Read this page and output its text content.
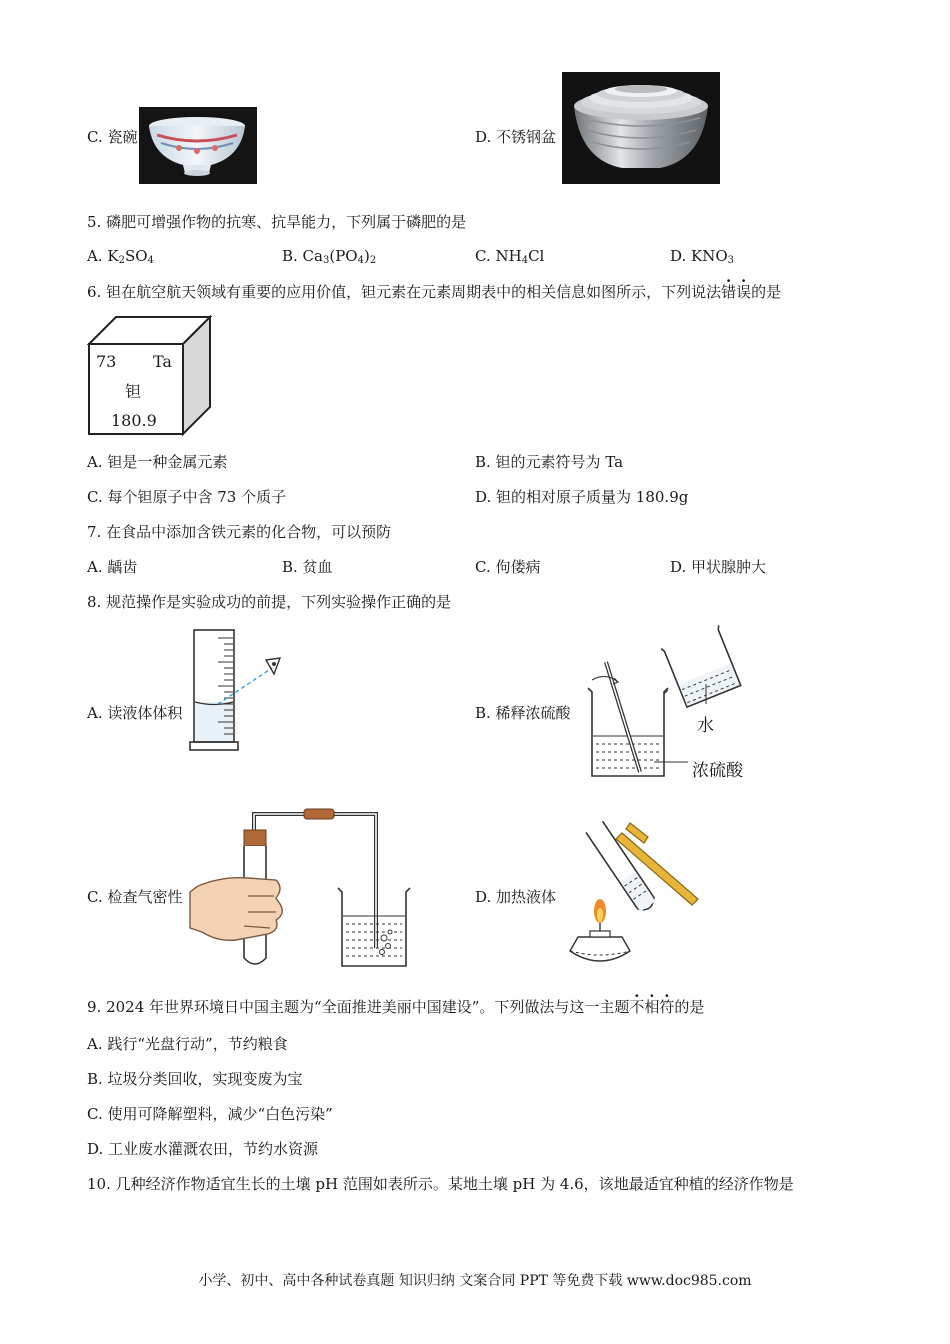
C. 瓷碗	D. 不锈钢盆
5. 磷肥可增强作物的抗寒、抗旱能力，下列属于磷肥的是
A. $K_2SO_4$	B. $Ca_3(PO_4)_2$	C. $NH_4Cl$	D. $KNO_3$
6. 钽在航空航天领域有重要的应用价值，钽元素在元素周期表中的相关信息如图所示，下列说法错误的是
73 Ta
钽
180.9
A. 钽是一种金属元素	B. 钽的元素符号为 Ta
C. 每个钽原子中含 73 个质子	D. 钽的相对原子质量为 180.9g
7. 在食品中添加含铁元素的化合物，可以预防
A. 龋齿	B. 贫血	C. 佝偻病	D. 甲状腺肿大
8. 规范操作是实验成功的前提，下列实验操作正确的是
A. 读液体体积	B. 稀释浓硫酸
水
浓硫酸
C. 检查气密性	D. 加热液体
9. 2024 年世界环境日中国主题为“全面推进美丽中国建设”。下列做法与这一主题不相符的是
A. 践行“光盘行动”，节约粮食
B. 垃圾分类回收，实现变废为宝
C. 使用可降解塑料，减少“白色污染”
D. 工业废水灌溉农田，节约水资源
10. 几种经济作物适宜生长的土壤 pH 范围如表所示。某地土壤 pH 为 4.6，该地最适宜种植的经济作物是
小学、初中、高中各种试卷真题 知识归纳 文案合同 PPT 等免费下载 www.doc985.com
